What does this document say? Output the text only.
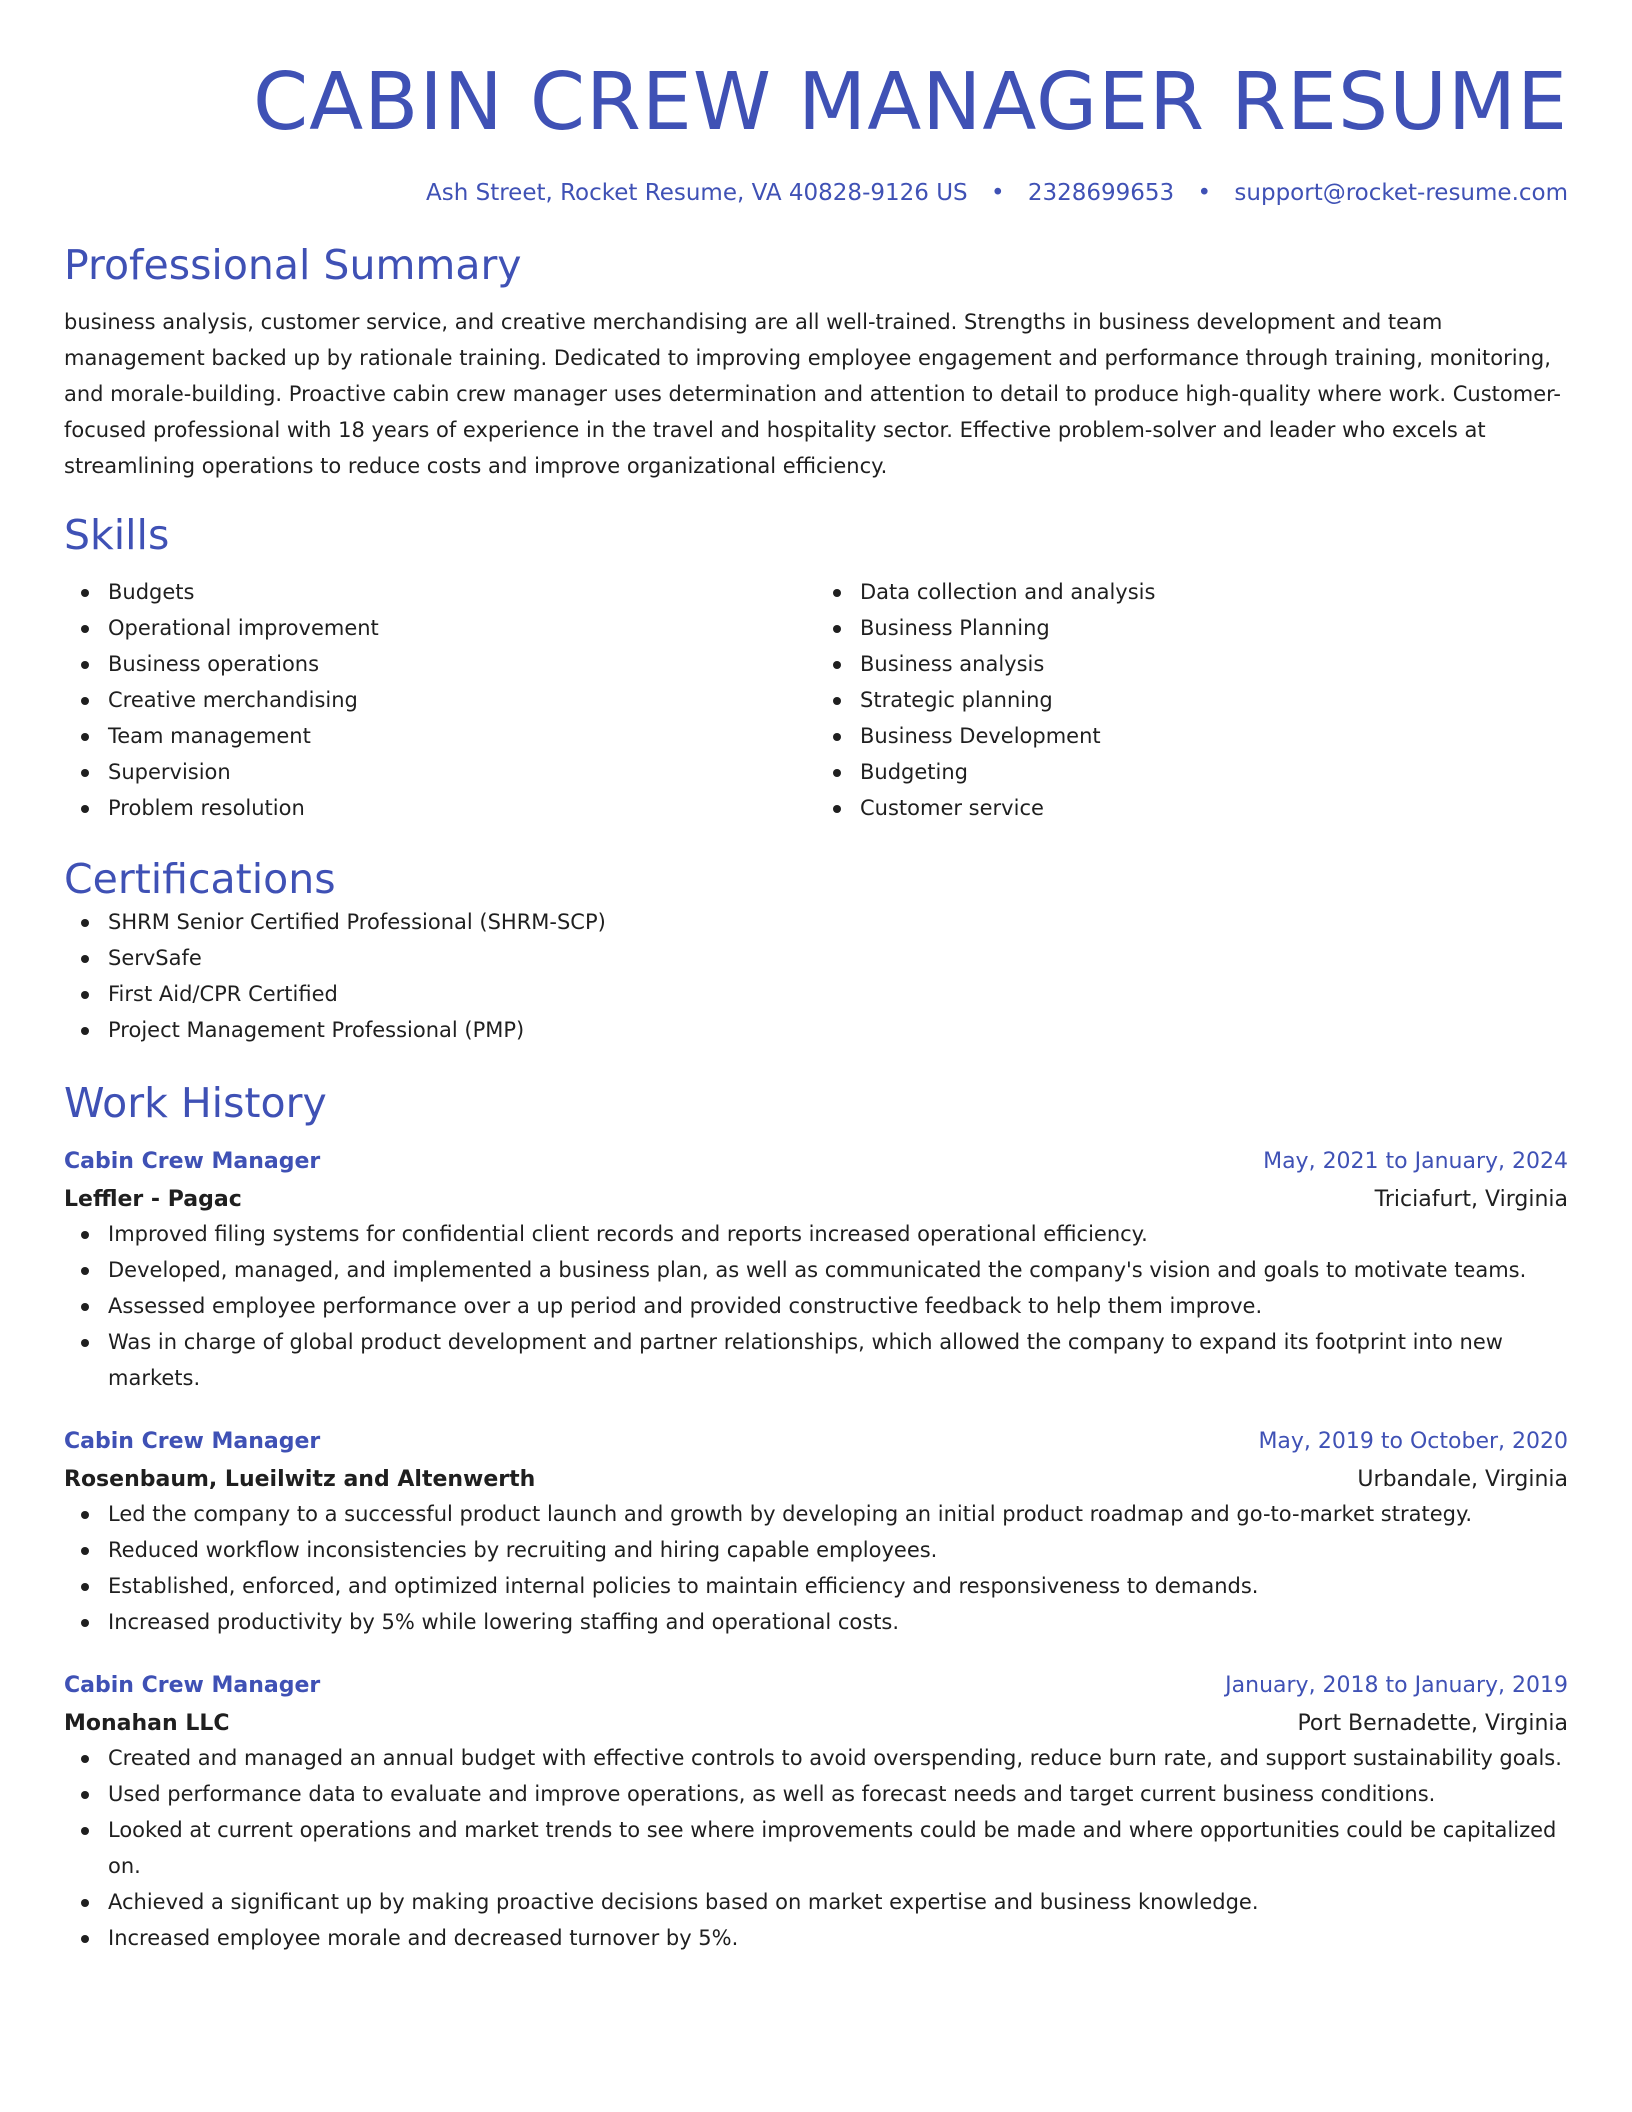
CABIN CREW MANAGER RESUME
Ash Street, Rocket Resume, VA 40828-9126 US • 2328699653 • support@rocket-resume.com
Professional Summary
business analysis, customer service, and creative merchandising are all well-trained. Strengths in business development and team management backed up by rationale training. Dedicated to improving employee engagement and performance through training, monitoring, and morale-building. Proactive cabin crew manager uses determination and attention to detail to produce high-quality where work. Customer-focused professional with 18 years of experience in the travel and hospitality sector. Effective problem-solver and leader who excels at streamlining operations to reduce costs and improve organizational efficiency.
Skills
Budgets
Operational improvement
Business operations
Creative merchandising
Team management
Supervision
Problem resolution
Data collection and analysis
Business Planning
Business analysis
Strategic planning
Business Development
Budgeting
Customer service
Certifications
SHRM Senior Certified Professional (SHRM-SCP)
ServSafe
First Aid/CPR Certified
Project Management Professional (PMP)
Work History
Cabin Crew Manager	May, 2021 to January, 2024
Leffler - Pagac	Triciafurt, Virginia
Improved filing systems for confidential client records and reports increased operational efficiency.
Developed, managed, and implemented a business plan, as well as communicated the company's vision and goals to motivate teams.
Assessed employee performance over a up period and provided constructive feedback to help them improve.
Was in charge of global product development and partner relationships, which allowed the company to expand its footprint into new markets.
Cabin Crew Manager	May, 2019 to October, 2020
Rosenbaum, Lueilwitz and Altenwerth	Urbandale, Virginia
Led the company to a successful product launch and growth by developing an initial product roadmap and go-to-market strategy.
Reduced workflow inconsistencies by recruiting and hiring capable employees.
Established, enforced, and optimized internal policies to maintain efficiency and responsiveness to demands.
Increased productivity by 5% while lowering staffing and operational costs.
Cabin Crew Manager	January, 2018 to January, 2019
Monahan LLC	Port Bernadette, Virginia
Created and managed an annual budget with effective controls to avoid overspending, reduce burn rate, and support sustainability goals.
Used performance data to evaluate and improve operations, as well as forecast needs and target current business conditions.
Looked at current operations and market trends to see where improvements could be made and where opportunities could be capitalized on.
Achieved a significant up by making proactive decisions based on market expertise and business knowledge.
Increased employee morale and decreased turnover by 5%.
